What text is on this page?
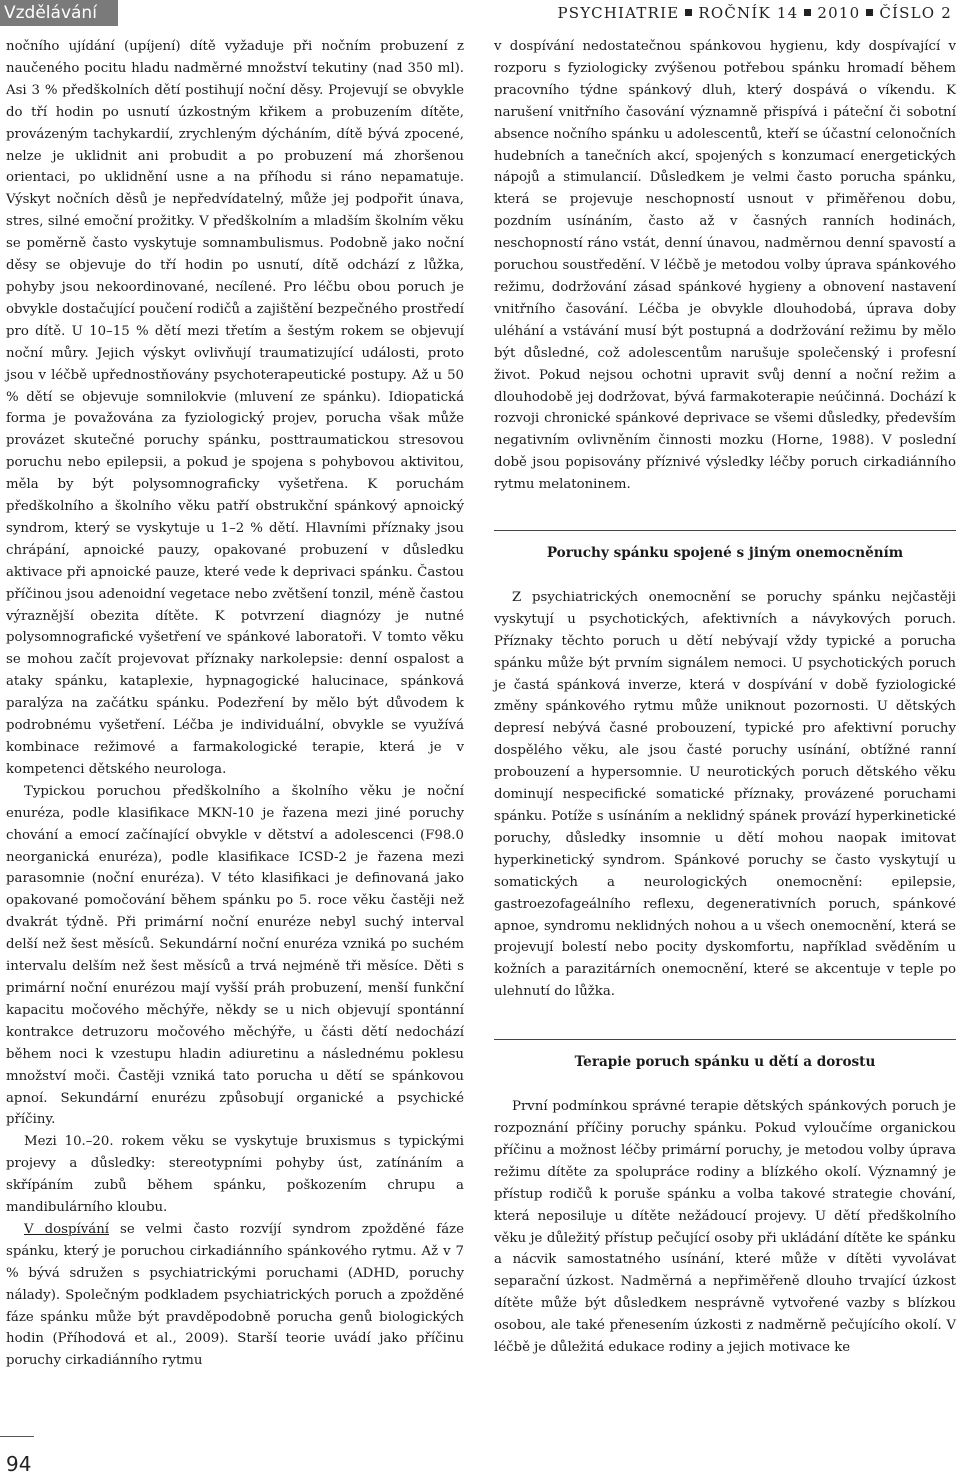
Vzdělávání	PSYCHIATRIE ROČNÍK 14 2010 ČÍSLO 2

nočního ujídání (upíjení) dítě vyžaduje při nočním probuzení z naučeného pocitu hladu nadměrné množství tekutiny (nad 350 ml). Asi 3 % předškolních dětí postihují noční děsy. Projevují se obvykle do tří hodin po usnutí úzkostným křikem a probuzením dítěte, provázeným tachykardií, zrychleným dýcháním, dítě bývá zpocené, nelze je uklidnit ani probudit a po probuzení má zhoršenou orientaci, po uklidnění usne a na příhodu si ráno nepamatuje. Výskyt nočních děsů je nepředvídatelný, může jej podpořit únava, stres, silné emoční prožitky. V předškolním a mladším školním věku se poměrně často vyskytuje somnambulismus. Podobně jako noční děsy se objevuje do tří hodin po usnutí, dítě odchází z lůžka, pohyby jsou nekoordinované, necílené. Pro léčbu obou poruch je obvykle dostačující poučení rodičů a zajištění bezpečného prostředí pro dítě. U 10–15 % dětí mezi třetím a šestým rokem se objevují noční můry. Jejich výskyt ovlivňují traumatizující události, proto jsou v léčbě upřednostňovány psychoterapeutické postupy. Až u 50 % dětí se objevuje somnilokvie (mluvení ze spánku). Idiopatická forma je považována za fyziologický projev, porucha však může provázet skutečné poruchy spánku, posttraumatickou stresovou poruchu nebo epilepsii, a pokud je spojena s pohybovou aktivitou, měla by být polysomnograficky vyšetřena. K poruchám předškolního a školního věku patří obstrukční spánkový apnoický syndrom, který se vyskytuje u 1–2 % dětí. Hlavními příznaky jsou chrápání, apnoické pauzy, opakované probuzení v důsledku aktivace při apnoické pauze, které vede k deprivaci spánku. Častou příčinou jsou adenoidní vegetace nebo zvětšení tonzil, méně častou výraznější obezita dítěte. K potvrzení diagnózy je nutné polysomnografické vyšetření ve spánkové laboratoři. V tomto věku se mohou začít projevovat příznaky narkolepsie: denní ospalost a ataky spánku, kataplexie, hypnagogické halucinace, spánková paralýza na začátku spánku. Podezření by mělo být důvodem k podrobnému vyšetření. Léčba je individuální, obvykle se využívá kombinace režimové a farmakologické terapie, která je v kompetenci dětského neurologa.

Typickou poruchou předškolního a školního věku je noční enuréza, podle klasifikace MKN-10 je řazena mezi jiné poruchy chování a emocí začínající obvykle v dětství a adolescenci (F98.0 neorganická enuréza), podle klasifikace ICSD-2 je řazena mezi parasomnie (noční enuréza). V této klasifikaci je definovaná jako opakované pomočování během spánku po 5. roce věku častěji než dvakrát týdně. Při primární noční enuréze nebyl suchý interval delší než šest měsíců. Sekundární noční enuréza vzniká po suchém intervalu delším než šest měsíců a trvá nejméně tři měsíce. Děti s primární noční enurézou mají vyšší práh probuzení, menší funkční kapacitu močového měchýře, někdy se u nich objevují spontánní kontrakce detruzoru močového měchýře, u části dětí nedochází během noci k vzestupu hladin adiuretinu a následnému poklesu množství moči. Častěji vzniká tato porucha u dětí se spánkovou apnoí. Sekundární enurézu způsobují organické a psychické příčiny.

Mezi 10.–20. rokem věku se vyskytuje bruxismus s typickými projevy a důsledky: stereotypními pohyby úst, zatínáním a skřípáním zubů během spánku, poškozením chrupu a mandibulárního kloubu.

V dospívání se velmi často rozvíjí syndrom zpožděné fáze spánku, který je poruchou cirkadiánního spánkového rytmu. Až v 7 % bývá sdružen s psychiatrickými poruchami (ADHD, poruchy nálady). Společným podkladem psychiatrických poruch a zpožděné fáze spánku může být pravděpodobně porucha genů biologických hodin (Příhodová et al., 2009). Starší teorie uvádí jako příčinu poruchy cirkadiánního rytmu

v dospívání nedostatečnou spánkovou hygienu, kdy dospívající v rozporu s fyziologicky zvýšenou potřebou spánku hromadí během pracovního týdne spánkový dluh, který dospává o víkendu. K narušení vnitřního časování významně přispívá i páteční či sobotní absence nočního spánku u adolescentů, kteří se účastní celonočních hudebních a tanečních akcí, spojených s konzumací energetických nápojů a stimulancií. Důsledkem je velmi často porucha spánku, která se projevuje neschopností usnout v přiměřenou dobu, pozdním usínáním, často až v časných ranních hodinách, neschopností ráno vstát, denní únavou, nadměrnou denní spavostí a poruchou soustředění. V léčbě je metodou volby úprava spánkového režimu, dodržování zásad spánkové hygieny a obnovení nastavení vnitřního časování. Léčba je obvykle dlouhodobá, úprava doby uléhání a vstávání musí být postupná a dodržování režimu by mělo být důsledné, což adolescentům narušuje společenský i profesní život. Pokud nejsou ochotni upravit svůj denní a noční režim a dlouhodobě jej dodržovat, bývá farmakoterapie neúčinná. Dochází k rozvoji chronické spánkové deprivace se všemi důsledky, především negativním ovlivněním činnosti mozku (Horne, 1988). V poslední době jsou popisovány příznivé výsledky léčby poruch cirkadiánního rytmu melatoninem.

Poruchy spánku spojené s jiným onemocněním

Z psychiatrických onemocnění se poruchy spánku nejčastěji vyskytují u psychotických, afektivních a návykových poruch. Příznaky těchto poruch u dětí nebývají vždy typické a porucha spánku může být prvním signálem nemoci. U psychotických poruch je častá spánková inverze, která v dospívání v době fyziologické změny spánkového rytmu může uniknout pozornosti. U dětských depresí nebývá časné probouzení, typické pro afektivní poruchy dospělého věku, ale jsou časté poruchy usínání, obtížné ranní probouzení a hypersomnie. U neurotických poruch dětského věku dominují nespecifické somatické příznaky, provázené poruchami spánku. Potíže s usínáním a neklidný spánek provází hyperkinetické poruchy, důsledky insomnie u dětí mohou naopak imitovat hyperkinetický syndrom. Spánkové poruchy se často vyskytují u somatických a neurologických onemocnění: epilepsie, gastroezofageálního reflexu, degenerativních poruch, spánkové apnoe, syndromu neklidných nohou a u všech onemocnění, která se projevují bolestí nebo pocity dyskomfortu, například svěděním u kožních a parazitárních onemocnění, které se akcentuje v teple po ulehnutí do lůžka.

Terapie poruch spánku u dětí a dorostu

První podmínkou správné terapie dětských spánkových poruch je rozpoznání příčiny poruchy spánku. Pokud vyloučíme organickou příčinu a možnost léčby primární poruchy, je metodou volby úprava režimu dítěte za spolupráce rodiny a blízkého okolí. Významný je přístup rodičů k poruše spánku a volba takové strategie chování, která neposiluje u dítěte nežádoucí projevy. U dětí předškolního věku je důležitý přístup pečující osoby při ukládání dítěte ke spánku a nácvik samostatného usínání, které může v dítěti vyvolávat separační úzkost. Nadměrná a nepřiměřeně dlouho trvající úzkost dítěte může být důsledkem nesprávně vytvořené vazby s blízkou osobou, ale také přenesením úzkosti z nadměrně pečujícího okolí. V léčbě je důležitá edukace rodiny a jejich motivace ke

94
